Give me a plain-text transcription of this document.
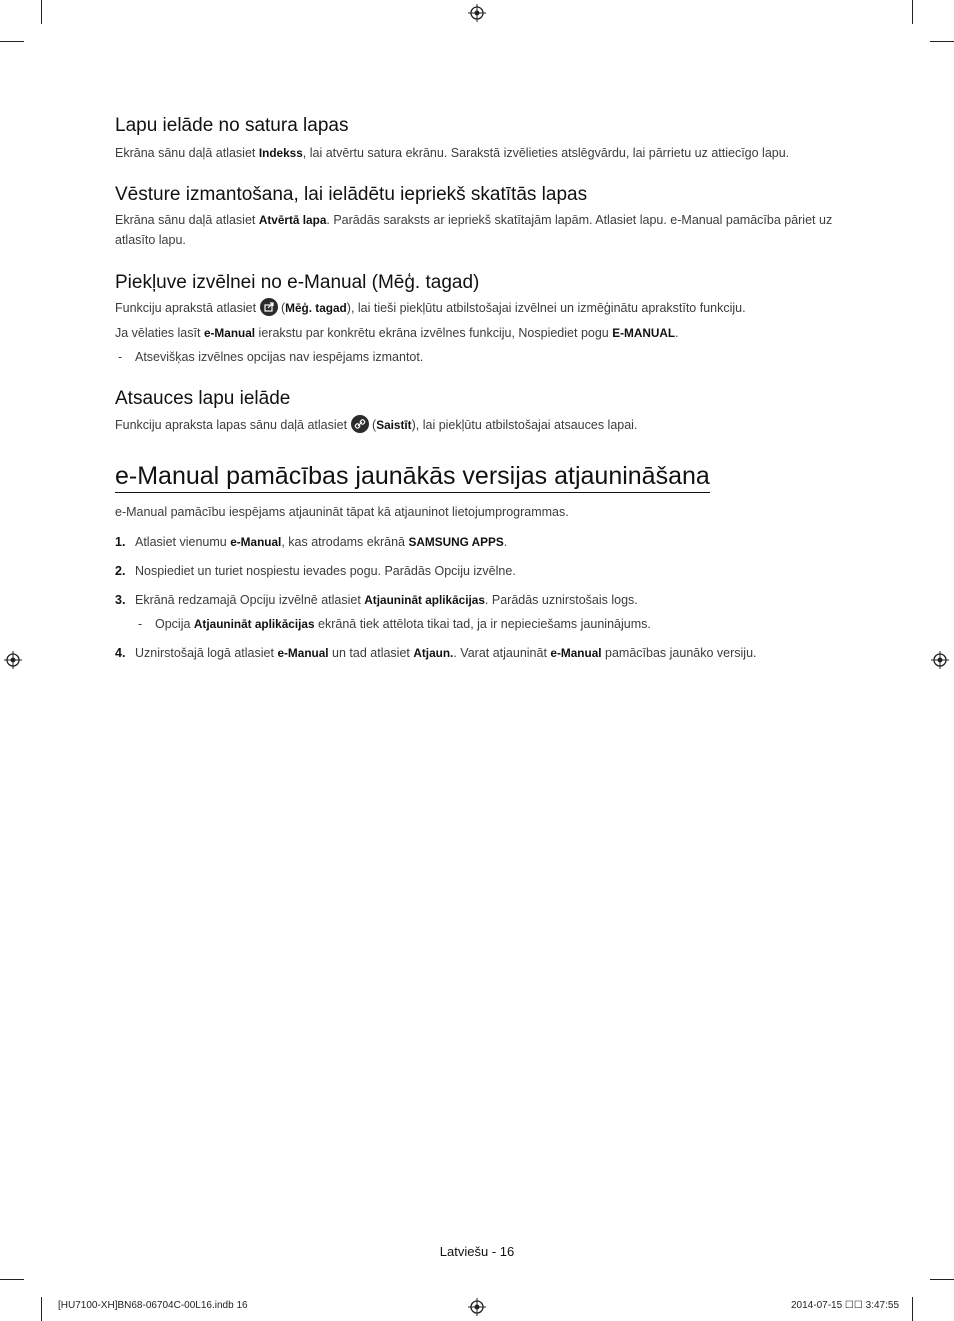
Lapu ielāde no satura lapas

Ekrāna sānu daļā atlasiet Indekss, lai atvērtu satura ekrānu. Sarakstā izvēlieties atslēgvārdu, lai pārrietu uz attiecīgo lapu.

Vēsture izmantošana, lai ielādētu iepriekš skatītās lapas

Ekrāna sānu daļā atlasiet Atvērtā lapa. Parādās saraksts ar iepriekš skatītajām lapām. Atlasiet lapu. e-Manual pamācība pāriet uz atlasīto lapu.

Piekļuve izvēlnei no e-Manual (Mēģ. tagad)

Funkciju aprakstā atlasiet
(Mēģ. tagad), lai tieši piekļūtu atbilstošajai izvēlnei un izmēģinātu aprakstīto funkciju.

Ja vēlaties lasīt e-Manual ierakstu par konkrētu ekrāna izvēlnes funkciju, Nospiediet pogu E-MANUAL.

- Atsevišķas izvēlnes opcijas nav iespējams izmantot.

Atsauces lapu ielāde

Funkciju apraksta lapas sānu daļā atlasiet
(Saistīt), lai piekļūtu atbilstošajai atsauces lapai.

e-Manual pamācības jaunākās versijas atjaunināšana

e-Manual pamācību iespējams atjaunināt tāpat kā atjauninot lietojumprogrammas.

1. Atlasiet vienumu e-Manual, kas atrodams ekrānā SAMSUNG APPS.

2. Nospiediet un turiet nospiestu ievades pogu. Parādās Opciju izvēlne.

3. Ekrānā redzamajā Opciju izvēlnē atlasiet Atjaunināt aplikācijas. Parādās uznirstošais logs.

- Opcija Atjaunināt aplikācijas ekrānā tiek attēlota tikai tad, ja ir nepieciešams jauninājums.

4. Uznirstošajā logā atlasiet e-Manual un tad atlasiet Atjaun.. Varat atjaunināt e-Manual pamācības jaunāko versiju.

Latviešu - 16
[HU7100-XH]BN68-06704C-00L16.indb 16	2014-07-15 ☐☐ 3:47:55
